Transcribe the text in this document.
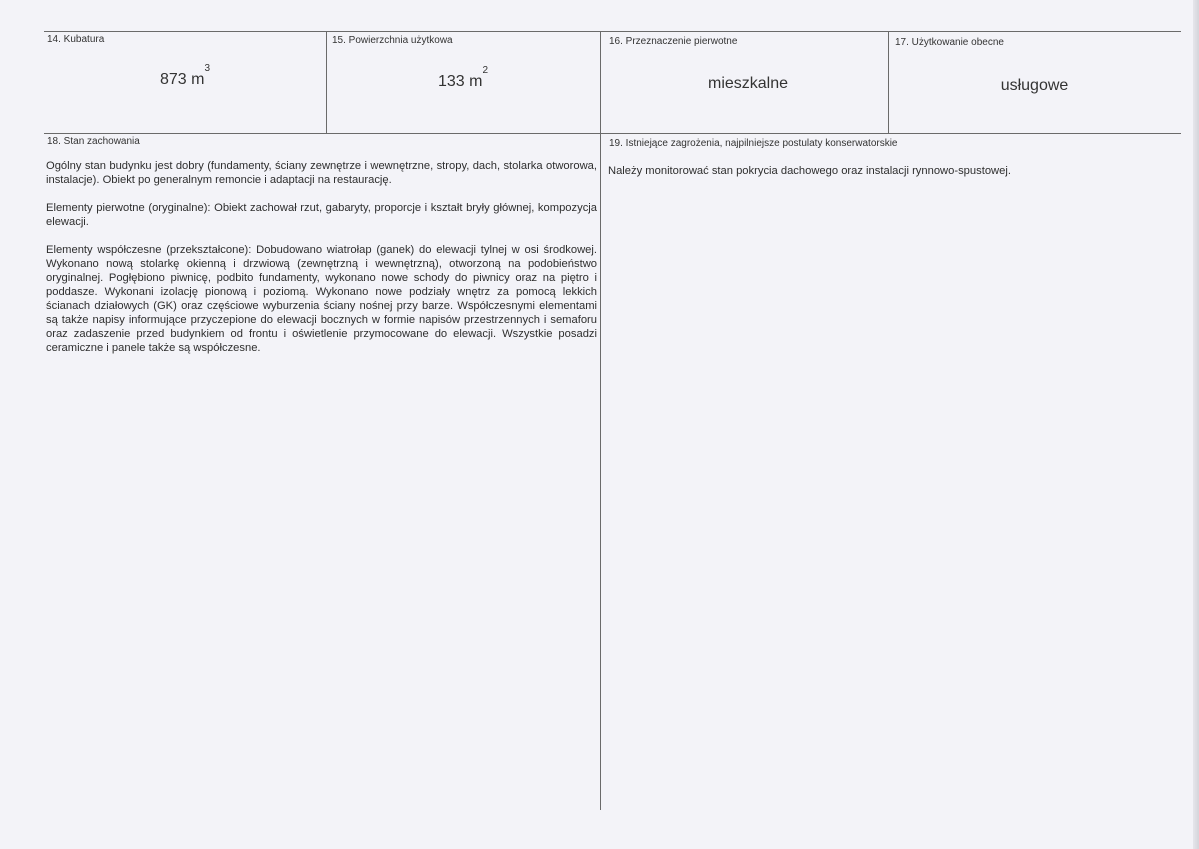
14. Kubatura
873 $m^3$
15. Powierzchnia użytkowa
133 $m^2$
16. Przeznaczenie pierwotne
mieszkalne
17. Użytkowanie obecne
usługowe
18. Stan zachowania

Ogólny stan budynku jest dobry (fundamenty, ściany zewnętrze i wewnętrzne, stropy, dach, stolarka otworowa, instalacje). Obiekt po generalnym remoncie i adaptacji na restaurację.

Elementy pierwotne (oryginalne): Obiekt zachował rzut, gabaryty, proporcje i kształt bryły głównej, kompozycja elewacji.

Elementy współczesne (przekształcone): Dobudowano wiatrołap (ganek) do elewacji tylnej w osi środkowej. Wykonano nową stolarkę okienną i drzwiową (zewnętrzną i wewnętrzną), otworzoną na podobieństwo oryginalnej. Pogłębiono piwnicę, podbito fundamenty, wykonano nowe schody do piwnicy oraz na piętro i poddasze. Wykonani izolację pionową i poziomą. Wykonano nowe podziały wnętrz za pomocą lekkich ścianach działowych (GK) oraz częściowe wyburzenia ściany nośnej przy barze. Współczesnymi elementami są także napisy informujące przyczepione do elewacji bocznych w formie napisów przestrzennych i semaforu oraz zadaszenie przed budynkiem od frontu i oświetlenie przymocowane do elewacji. Wszystkie posadzi ceramiczne i panele także są współczesne.

19. Istniejące zagrożenia, najpilniejsze postulaty konserwatorskie
Należy monitorować stan pokrycia dachowego oraz instalacji rynnowo-spustowej.
